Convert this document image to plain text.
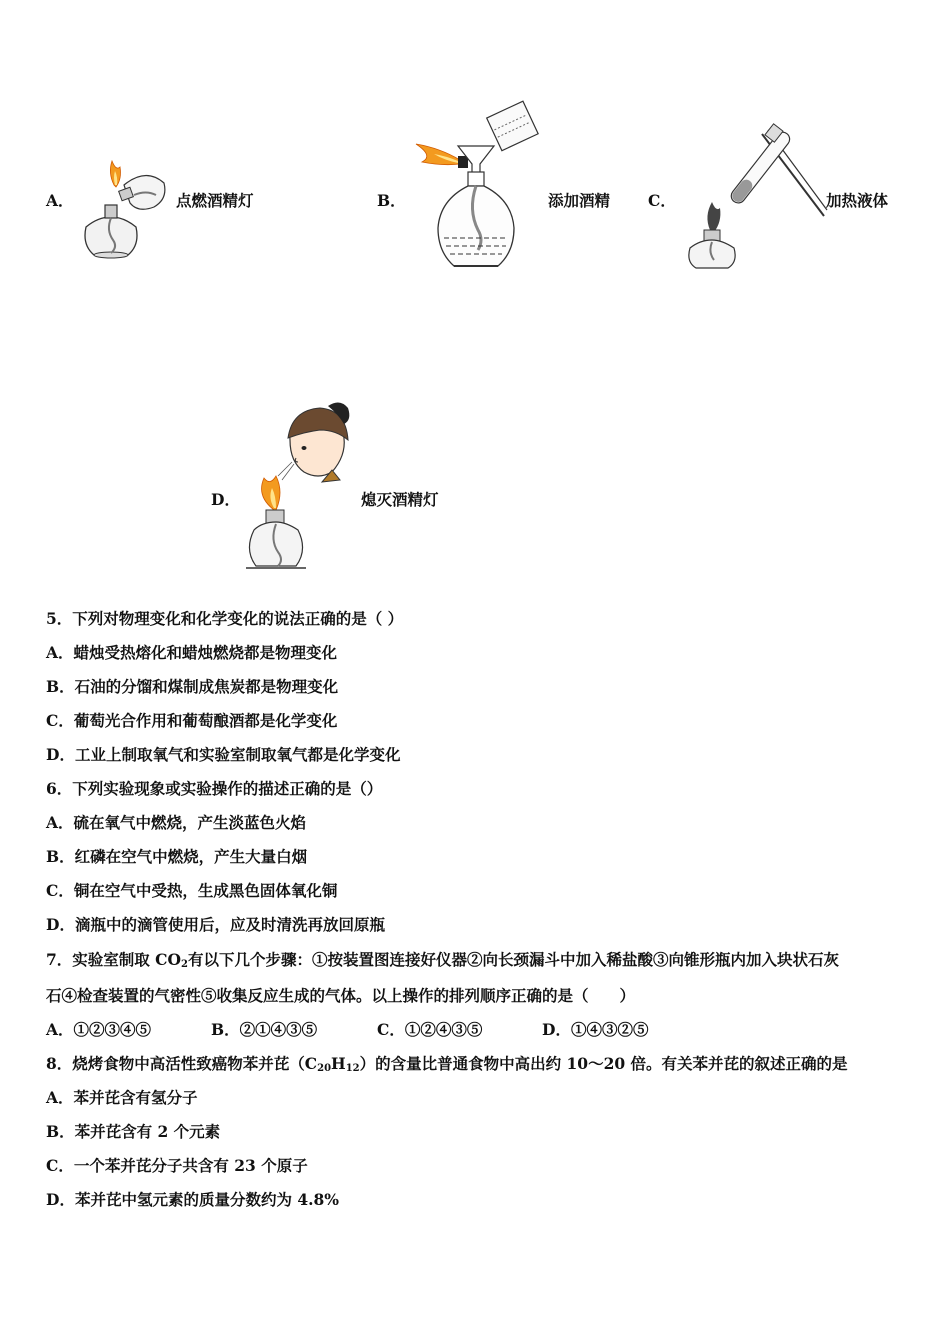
A．	点燃酒精灯	B．	添加酒精 C．	加热液体
D．	熄灭酒精灯
5．下列对物理变化和化学变化的说法正确的是（ ）
A．蜡烛受热熔化和蜡烛燃烧都是物理变化
B．石油的分馏和煤制成焦炭都是物理变化
C．葡萄光合作用和葡萄酿酒都是化学变化
D．工业上制取氧气和实验室制取氧气都是化学变化
6．下列实验现象或实验操作的描述正确的是（）
A．硫在氧气中燃烧，产生淡蓝色火焰
B．红磷在空气中燃烧，产生大量白烟
C．铜在空气中受热，生成黑色固体氧化铜
D．滴瓶中的滴管使用后，应及时清洗再放回原瓶
7．实验室制取 $CO_2$有以下几个步骤：①按装置图连接好仪器②向长颈漏斗中加入稀盐酸③向锥形瓶内加入块状石灰
石④检查装置的气密性⑤收集反应生成的气体。以上操作的排列顺序正确的是（　　）
A．①②③④⑤	B．②①④③⑤	C．①②④③⑤	D．①④③②⑤
8．烧烤食物中高活性致癌物苯并芘$(C_{20}H_{12})$的含量比普通食物中高出约 10～20 倍。有关苯并芘的叙述正确的是
A．苯并芘含有氢分子
B．苯并芘含有 2 个元素
C．一个苯并芘分子共含有 23 个原子
D．苯并芘中氢元素的质量分数约为 4.8%
